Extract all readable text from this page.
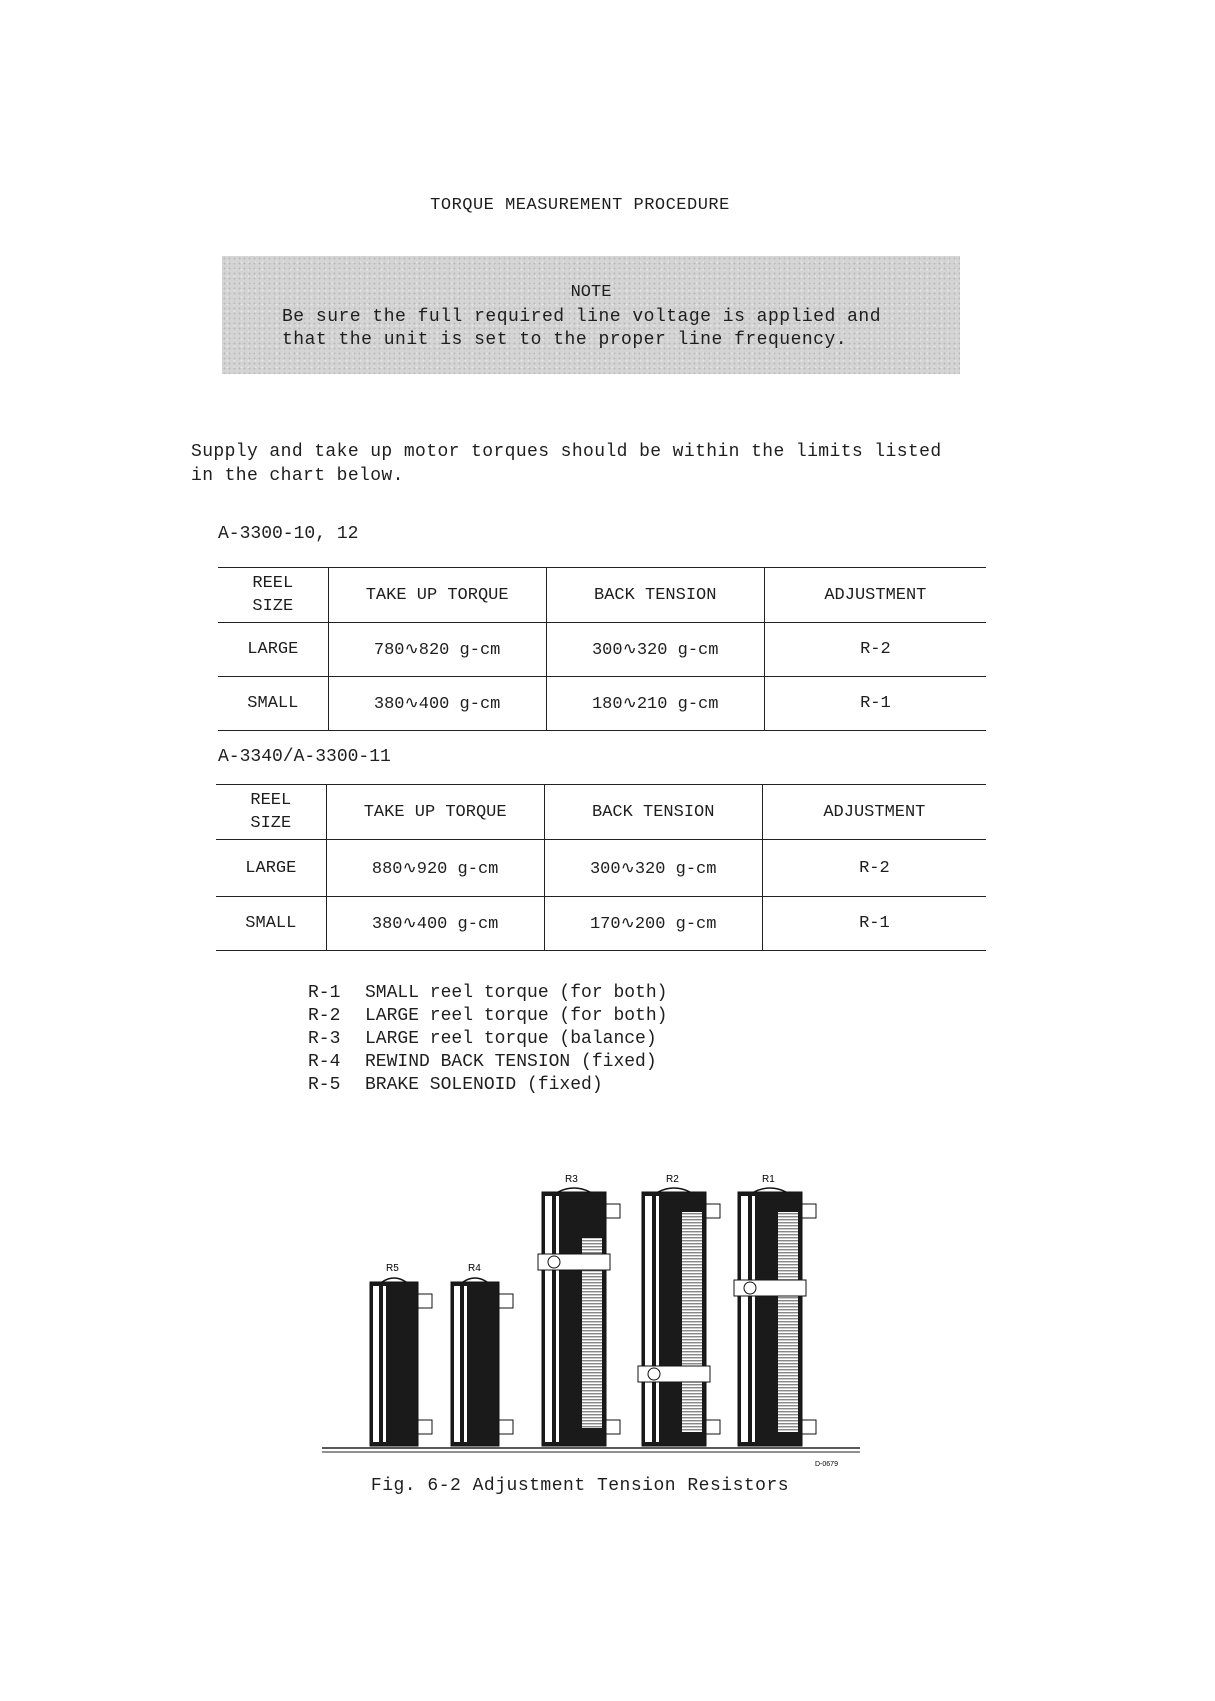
TORQUE MEASUREMENT PROCEDURE
NOTE
Be sure the full required line voltage is applied and
that the unit is set to the proper line frequency.
Supply and take up motor torques should be within the limits listed
in the chart below.
A-3300-10, 12
REEL
SIZE	TAKE UP TORQUE	BACK TENSION	ADJUSTMENT
LARGE	780∿820 g-cm	300∿320 g-cm	R-2
SMALL	380∿400 g-cm	180∿210 g-cm	R-1
A-3340/A-3300-11
REEL
SIZE	TAKE UP TORQUE	BACK TENSION	ADJUSTMENT
LARGE	880∿920 g-cm	300∿320 g-cm	R-2
SMALL	380∿400 g-cm	170∿200 g-cm	R-1
R-1 SMALL reel torque (for both)
R-2 LARGE reel torque (for both)
R-3 LARGE reel torque (balance)
R-4 REWIND BACK TENSION (fixed)
R-5 BRAKE SOLENOID (fixed)
R5	R4
R3	R2	R1
D-0679
Fig. 6-2 Adjustment Tension Resistors
